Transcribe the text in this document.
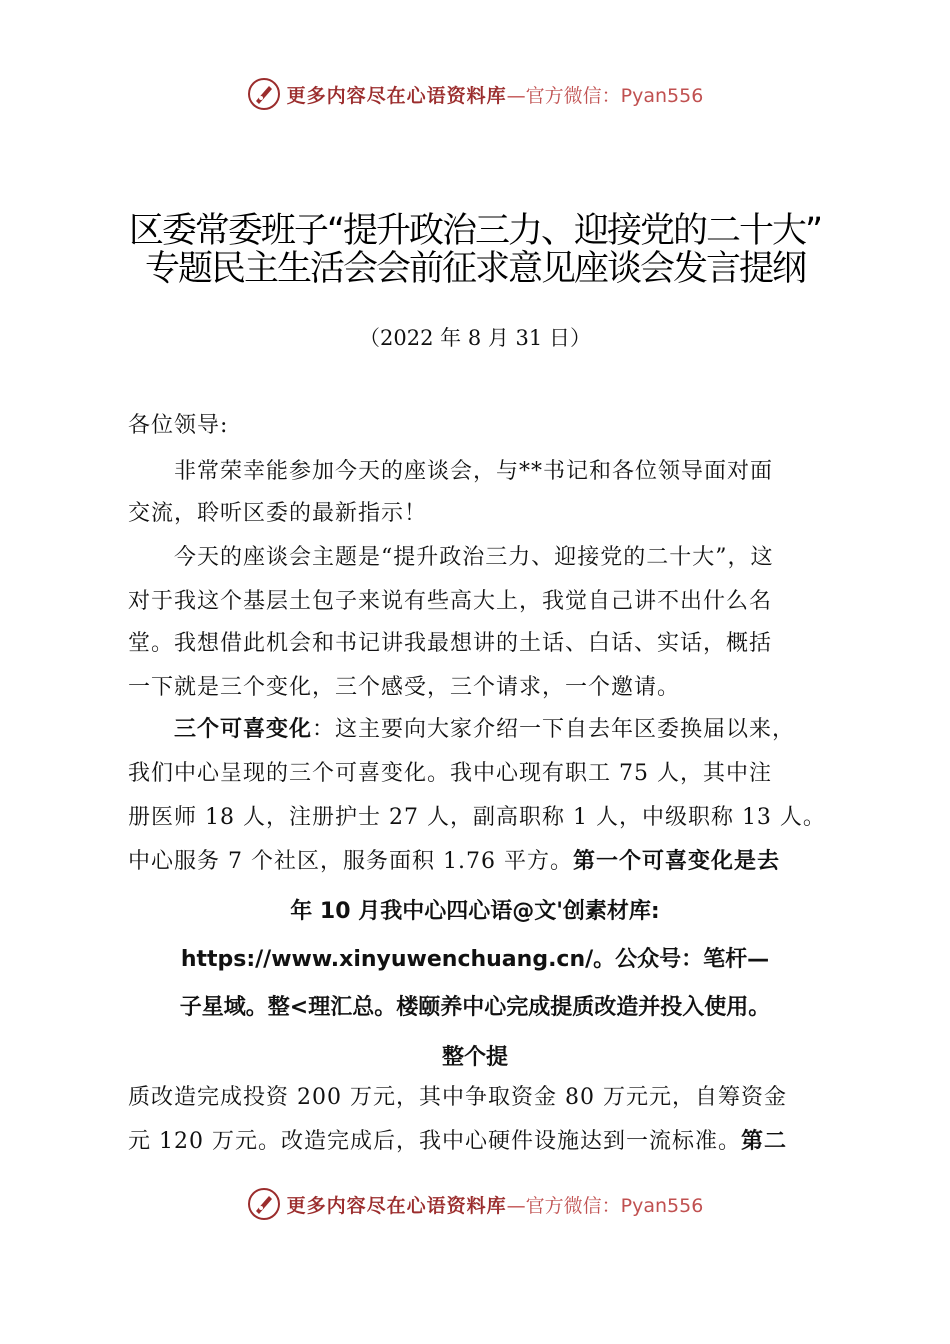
更多内容尽在心语资料库 —官方微信：Pyan556
区委常委班子“提升政治三力、迎接党的二十大”
专题民主生活会会前征求意见座谈会发言提纲
（2022 年 8 月 31 日）
各位领导:
　　非常荣幸能参加今天的座谈会，与**书记和各位领导面对面
交流，聆听区委的最新指示！
　　今天的座谈会主题是“提升政治三力、迎接党的二十大”，这
对于我这个基层土包子来说有些高大上，我觉自己讲不出什么名
堂。我想借此机会和书记讲我最想讲的土话、白话、实话，概括
一下就是三个变化，三个感受，三个请求，一个邀请。
　　三个可喜变化：这主要向大家介绍一下自去年区委换届以来，
我们中心呈现的三个可喜变化。我中心现有职工 75 人，其中注
册医师 18 人，注册护士 27 人，副高职称 1 人，中级职称 13 人。
中心服务 7 个社区，服务面积 1.76 平方。第一个可喜变化是去
年 10 月我中心四心语@文'创素材库:
https://www.xinyuwenchuang.cn/。公众号：笔杆—
子星域。整<理汇总。楼颐养中心完成提质改造并投入使用。
整个提
质改造完成投资 200 万元，其中争取资金 80 万元元，自筹资金
元 120 万元。改造完成后，我中心硬件设施达到一流标准。第二
更多内容尽在心语资料库 —官方微信：Pyan556
